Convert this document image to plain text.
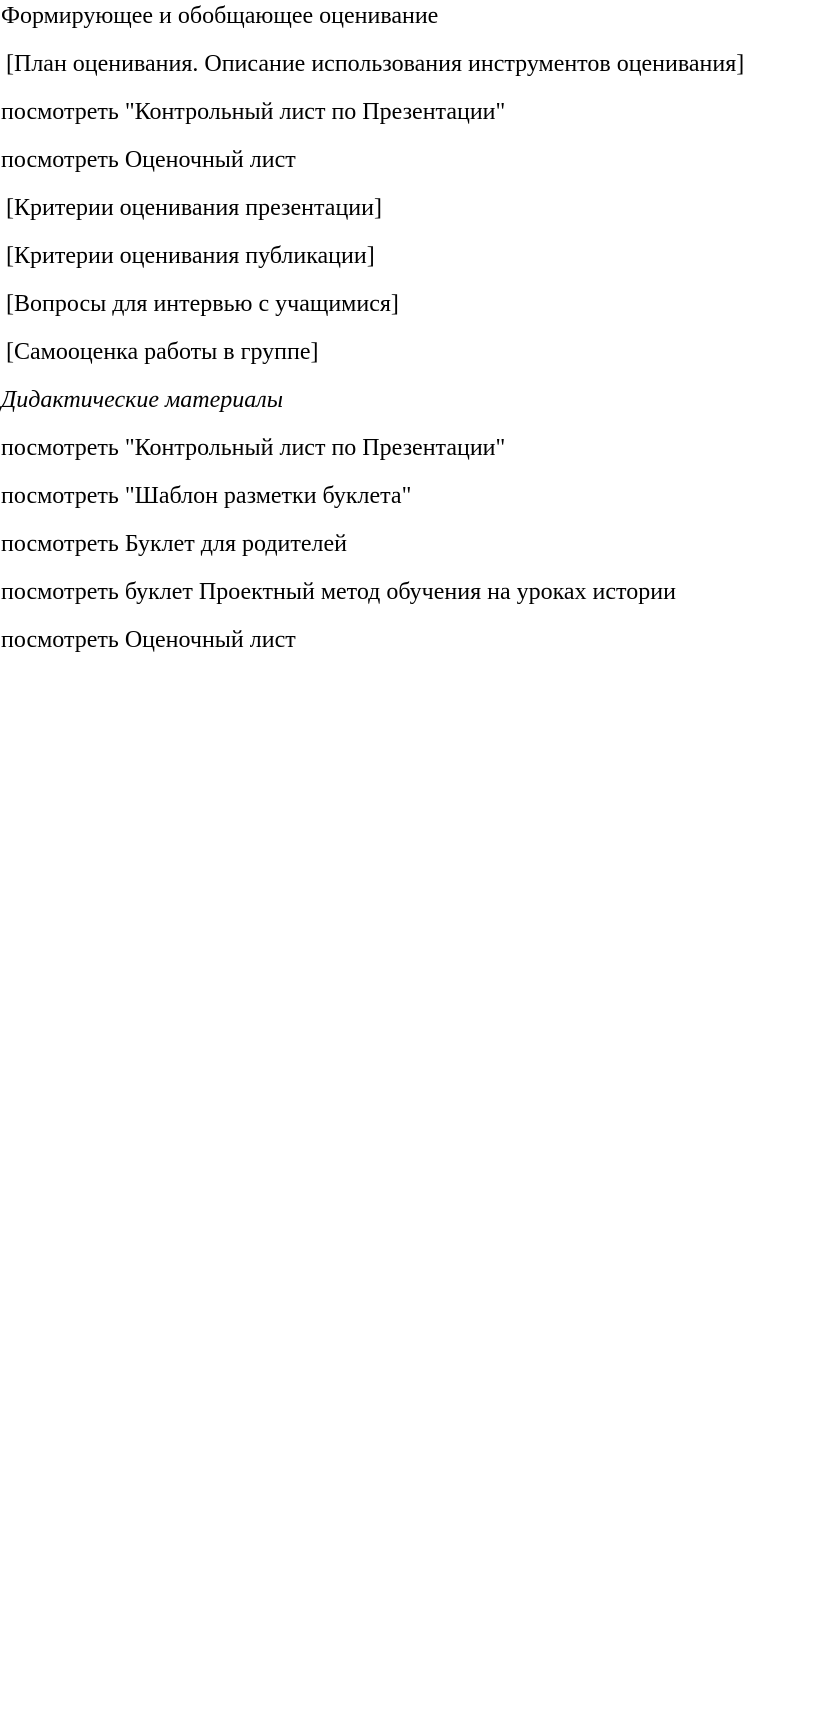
Формирующее и обобщающее оценивание
[План оценивания. Описание использования инструментов оценивания]
посмотреть "Контрольный лист по Презентации"
посмотреть Оценочный лист
[Критерии оценивания презентации]
[Критерии оценивания публикации]
[Вопросы для интервью с учащимися]
[Самооценка работы в группе]
Дидактические материалы
посмотреть "Контрольный лист по Презентации"
посмотреть "Шаблон разметки буклета"
посмотреть Буклет для родителей
посмотреть буклет Проектный метод обучения на уроках истории
посмотреть Оценочный лист
